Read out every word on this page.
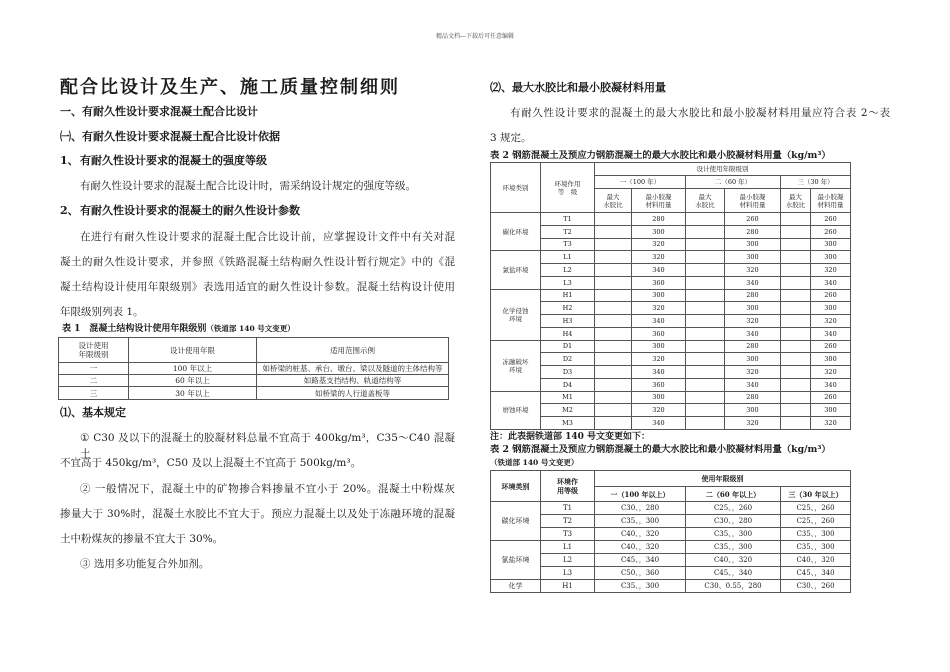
精品文档---下载后可任意编辑
配合比设计及生产、施工质量控制细则
一、有耐久性设计要求混凝土配合比设计
㈠、有耐久性设计要求混凝土配合比设计依据
1、 有耐久性设计要求的混凝土的强度等级
有耐久性设计要求的混凝土配合比设计时，需采纳设计规定的强度等级。
2、 有耐久性设计要求的混凝土的耐久性设计参数
在进行有耐久性设计要求的混凝土配合比设计前，应掌握设计文件中有关对混
凝土的耐久性设计要求，并参照《铁路混凝土结构耐久性设计暂行规定》中的《混
凝土结构设计使用年限级别》表选用适宜的耐久性设计参数。混凝土结构设计使用
年限级别列表 1。
表 1　混凝土结构设计使用年限级别（铁道部 140 号文变更）
设计使用
年限级别	设计使用年限	适用范围示例
一	100 年以上	如桥梁的桩基、承台、墩台、梁以及隧道的主体结构等
二	60 年以上	如路基支挡结构、轨道结构等
三	30 年以上	如桥梁的人行道盖板等
⑴、基本规定
① C30 及以下的混凝土的胶凝材料总量不宜高于 400kg/m³，C35～C40 混凝土
不宜高于 450kg/m³，C50 及以上混凝土不宜高于 500kg/m³。
② 一般情况下，混凝土中的矿物掺合料掺量不宜小于 20%。混凝土中粉煤灰
掺量大于 30%时，混凝土水胶比不宜大于。预应力混凝土以及处于冻融环境的混凝
土中粉煤灰的掺量不宜大于 30%。
③ 选用多功能复合外加剂。
⑵、最大水胶比和最小胶凝材料用量
有耐久性设计要求的混凝土的最大水胶比和最小胶凝材料用量应符合表 2～表
3 规定。
表 2 钢筋混凝土及预应力钢筋混凝土的最大水胶比和最小胶凝材料用量（kg/m³）
环境类别	环境作用
等　级	设计使用年限级别					
		一（100 年）		二（60 年）		三（30 年）	
		最大
水胶比	最小胶凝
材料用量	最大
水胶比	最小胶凝
材料用量	最大
水胶比	最小胶凝
材料用量
碳化环境	T1		280		260		260
	T2		300		280		260
	T3		320		300		300
氯盐环境	L1		320		300		300
	L2		340		320		320
	L3		360		340		340
化学侵蚀
环境	H1		300		280		260
	H2		320		300		300
	H3		340		320		320
	H4		360		340		340
冻融破坏
环境	D1		300		280		260
	D2		320		300		300
	D3		340		320		320
	D4		360		340		340
磨蚀环境	M1		300		280		260
	M2		320		300		300
	M3		340		320		320
注：此表据铁道部 140 号文变更如下：
表 2 钢筋混凝土及预应力钢筋混凝土的最大水胶比和最小胶凝材料用量（kg/m³）
（铁道部 140 号文变更）
环境类别	环境作
用等级	使用年限级别		
		一（100 年以上）	二（60 年以上）	三（30 年以上）
碳化环境	T1	C30、，280	C25、，260	C25、，260
	T2	C35、，300	C30、，280	C25、，260
	T3	C40、，320	C35、，300	C35、，300
氯盐环境	L1	C40、，320	C35、，300	C35、，300
	L2	C45、，340	C40、，320	C40、，320
	L3	C50、，360	C45、，340	C45、，340
化学	H1	C35、，300	C30、0.55，280	C30、，260
